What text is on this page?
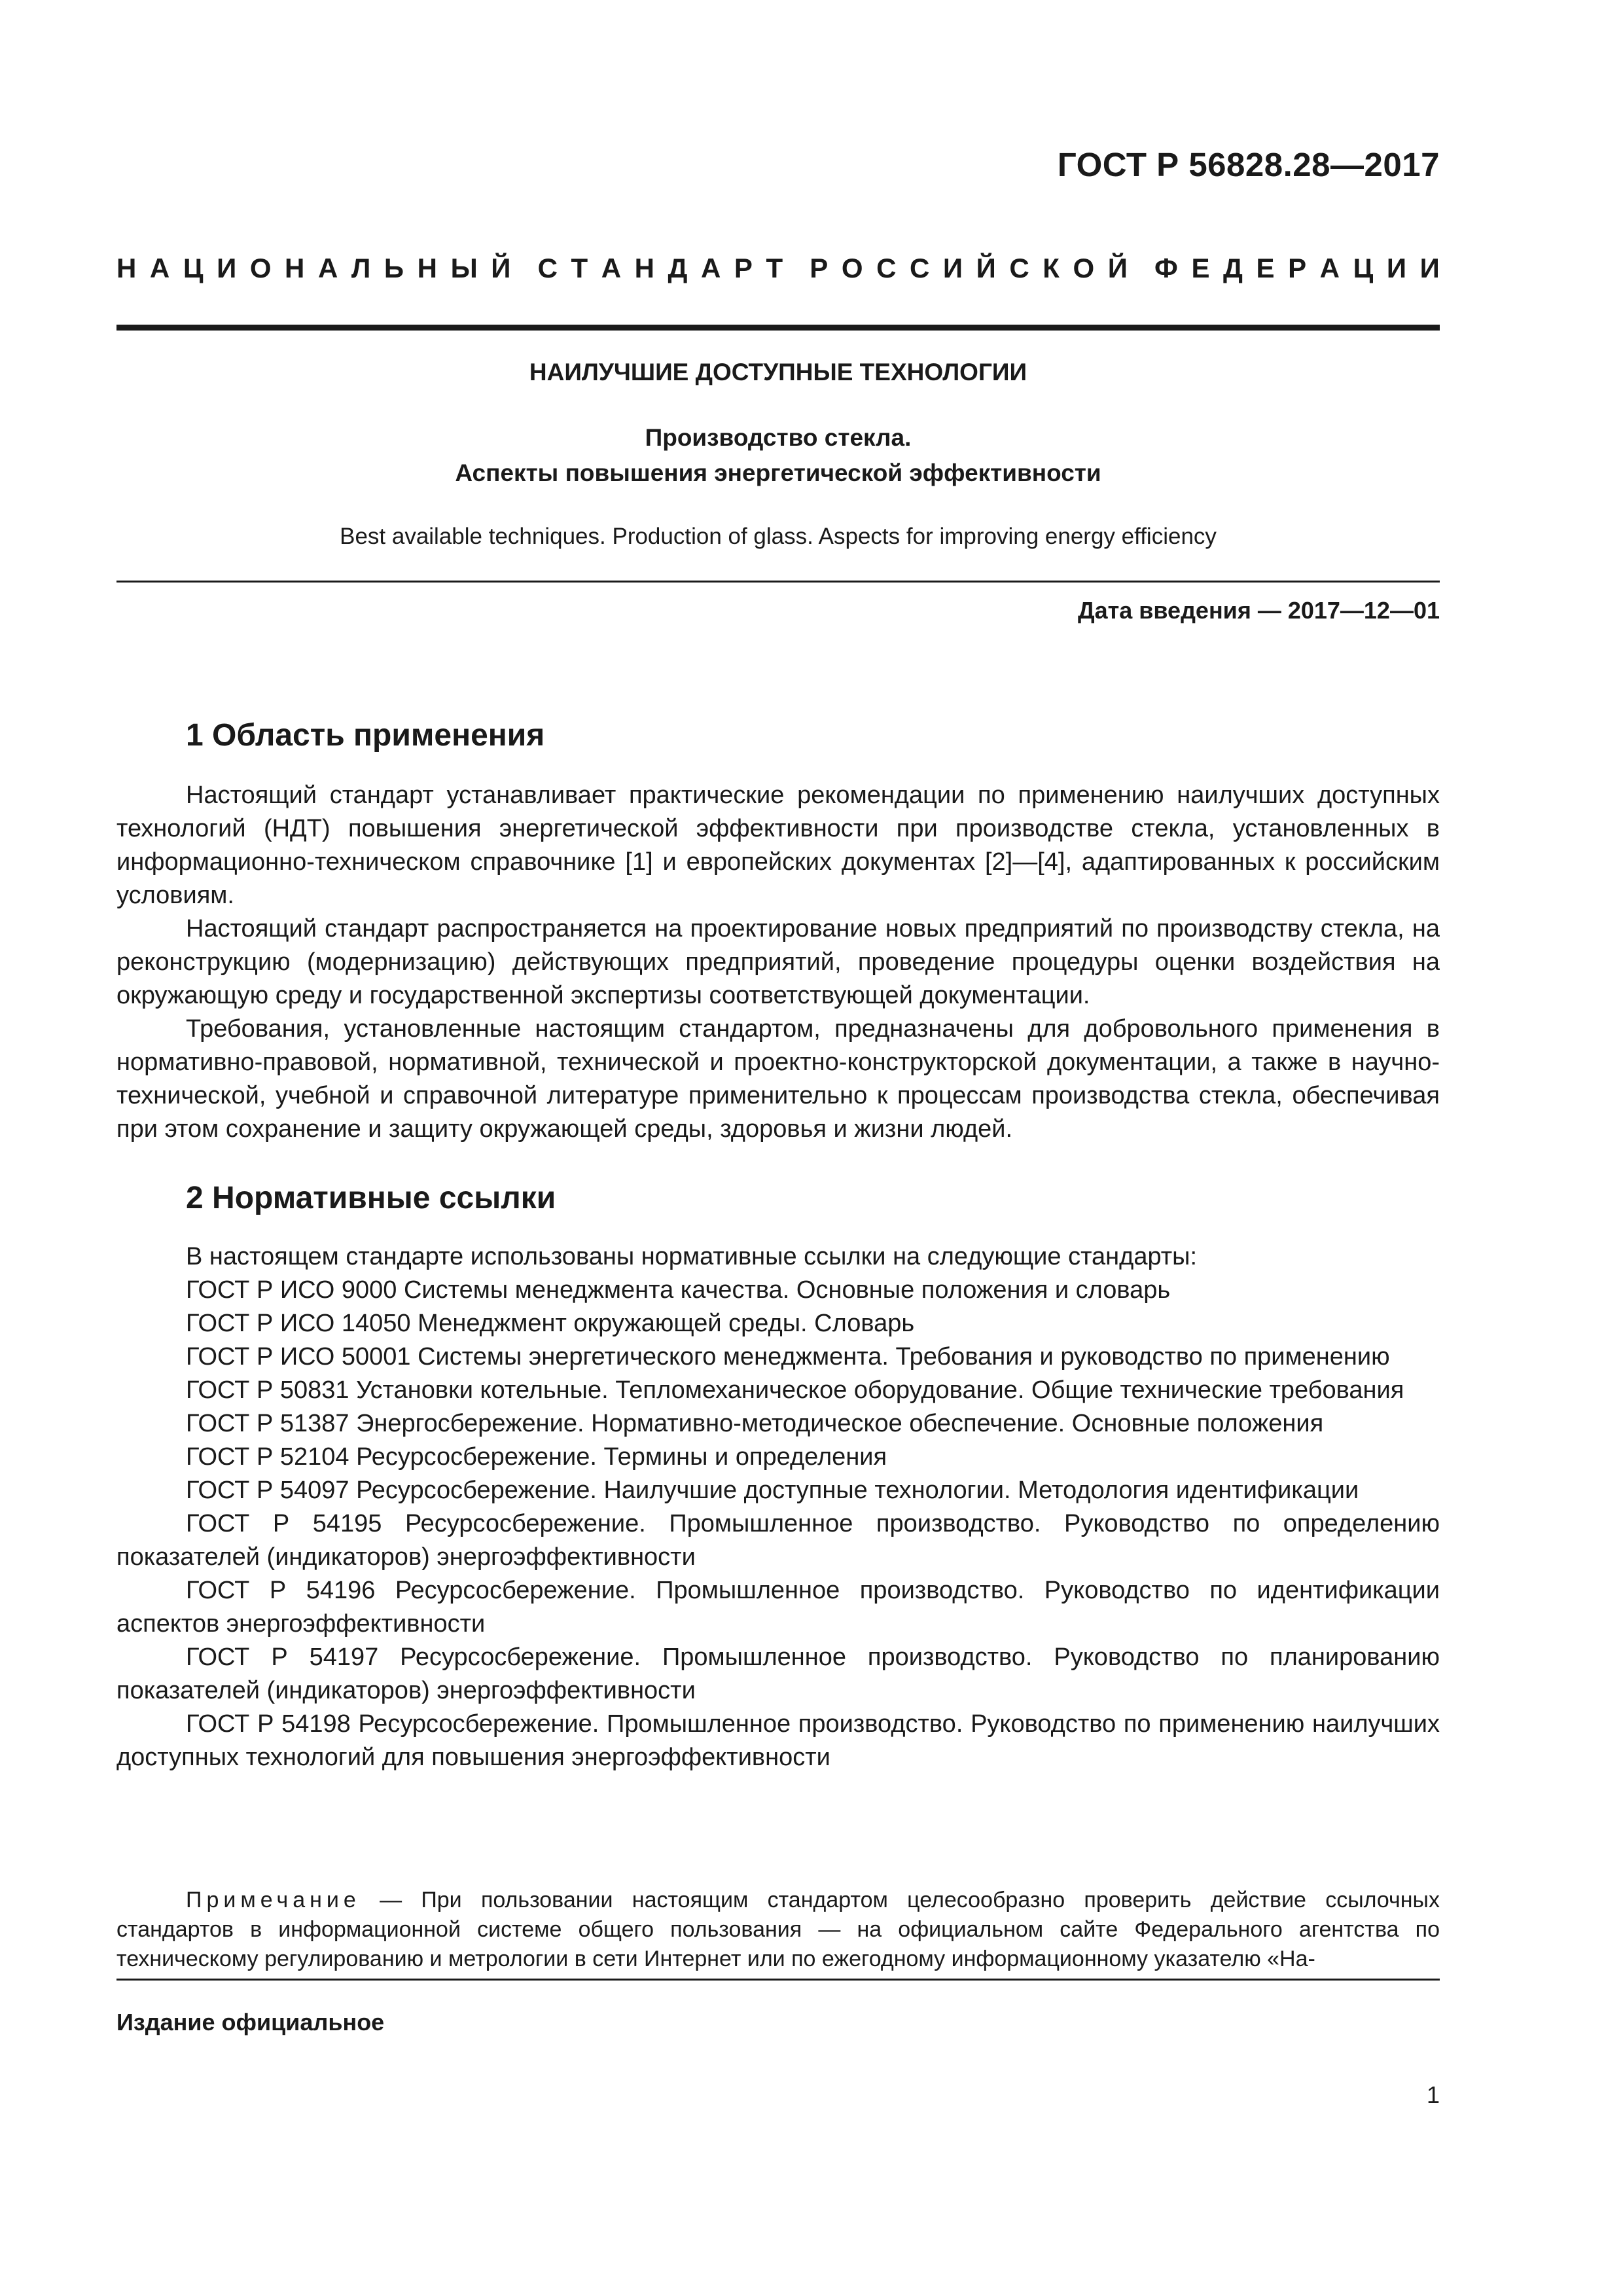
ГОСТ Р 56828.28—2017
Н А Ц И О Н А Л Ь Н Ы Й С Т А Н Д А Р Т Р О С С И Й С К О Й Ф Е Д Е Р А Ц И И
НАИЛУЧШИЕ ДОСТУПНЫЕ ТЕХНОЛОГИИ
Производство стекла.
Аспекты повышения энергетической эффективности
Best available techniques. Production of glass. Aspects for improving energy efficiency
Дата введения — 2017—12—01
1 Область применения

Настоящий стандарт устанавливает практические рекомендации по применению наилучших доступных технологий (НДТ) повышения энергетической эффективности при производстве стекла, установленных в информационно-техническом справочнике [1] и европейских документах [2]—[4], адаптированных к российским условиям.

Настоящий стандарт распространяется на проектирование новых предприятий по производству стекла, на реконструкцию (модернизацию) действующих предприятий, проведение процедуры оценки воздействия на окружающую среду и государственной экспертизы соответствующей документации.

Требования, установленные настоящим стандартом, предназначены для добровольного применения в нормативно-правовой, нормативной, технической и проектно-конструкторской документации, а также в научно-технической, учебной и справочной литературе применительно к процессам производства стекла, обеспечивая при этом сохранение и защиту окружающей среды, здоровья и жизни людей.

2 Нормативные ссылки

В настоящем стандарте использованы нормативные ссылки на следующие стандарты:

ГОСТ Р ИСО 9000 Системы менеджмента качества. Основные положения и словарь

ГОСТ Р ИСО 14050 Менеджмент окружающей среды. Словарь

ГОСТ Р ИСО 50001 Системы энергетического менеджмента. Требования и руководство по применению

ГОСТ Р 50831 Установки котельные. Тепломеханическое оборудование. Общие технические требования

ГОСТ Р 51387 Энергосбережение. Нормативно-методическое обеспечение. Основные положения

ГОСТ Р 52104 Ресурсосбережение. Термины и определения

ГОСТ Р 54097 Ресурсосбережение. Наилучшие доступные технологии. Методология идентификации

ГОСТ Р 54195 Ресурсосбережение. Промышленное производство. Руководство по определению показателей (индикаторов) энергоэффективности

ГОСТ Р 54196 Ресурсосбережение. Промышленное производство. Руководство по идентификации аспектов энергоэффективности

ГОСТ Р 54197 Ресурсосбережение. Промышленное производство. Руководство по планированию показателей (индикаторов) энергоэффективности

ГОСТ Р 54198 Ресурсосбережение. Промышленное производство. Руководство по применению наилучших доступных технологий для повышения энергоэффективности

Примечание — При пользовании настоящим стандартом целесообразно проверить действие ссылочных стандартов в информационной системе общего пользования — на официальном сайте Федерального агентства по техническому регулированию и метрологии в сети Интернет или по ежегодному информационному указателю «На-

Издание официальное
1
